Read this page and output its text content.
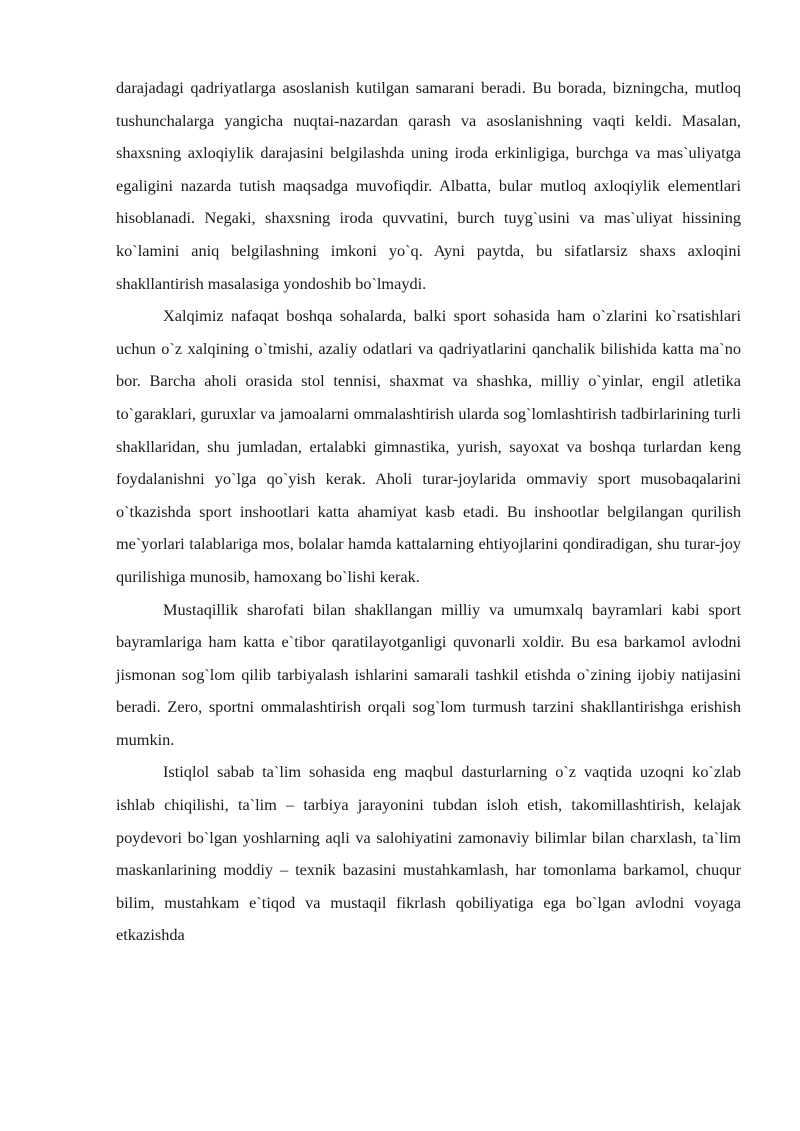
darajadagi qadriyatlarga asoslanish kutilgan samarani beradi. Bu borada, bizningcha, mutloq tushunchalarga yangicha nuqtai-nazardan qarash va asoslanishning vaqti keldi. Masalan, shaxsning axloqiylik darajasini belgilashda uning iroda erkinligiga, burchga va mas`uliyatga egaligini nazarda tutish maqsadga muvofiqdir. Albatta, bular mutloq axloqiylik elementlari hisoblanadi. Negaki, shaxsning iroda quvvatini, burch tuyg`usini va mas`uliyat hissining ko`lamini aniq belgilashning imkoni yo`q. Ayni paytda, bu sifatlarsiz shaxs axloqini shakllantirish masalasiga yondoshib bo`lmaydi.

Xalqimiz nafaqat boshqa sohalarda, balki sport sohasida ham o`zlarini ko`rsatishlari uchun o`z xalqining o`tmishi, azaliy odatlari va qadriyatlarini qanchalik bilishida katta ma`no bor. Barcha aholi orasida stol tennisi, shaxmat va shashka, milliy o`yinlar, engil atletika to`garaklari, guruxlar va jamoalarni ommalashtirish ularda sog`lomlashtirish tadbirlarining turli shakllaridan, shu jumladan, ertalabki gimnastika, yurish, sayoxat va boshqa turlardan keng foydalanishni yo`lga qo`yish kerak. Aholi turar-joylarida ommaviy sport musobaqalarini o`tkazishda sport inshootlari katta ahamiyat kasb etadi. Bu inshootlar belgilangan qurilish me`yorlari talablariga mos, bolalar hamda kattalarning ehtiyojlarini qondiradigan, shu turar-joy qurilishiga munosib, hamoxang bo`lishi kerak.

Mustaqillik sharofati bilan shakllangan milliy va umumxalq bayramlari kabi sport bayramlariga ham katta e`tibor qaratilayotganligi quvonarli xoldir. Bu esa barkamol avlodni jismonan sog`lom qilib tarbiyalash ishlarini samarali tashkil etishda o`zining ijobiy natijasini beradi. Zero, sportni ommalashtirish orqali sog`lom turmush tarzini shakllantirishga erishish mumkin.

Istiqlol sabab ta`lim sohasida eng maqbul dasturlarning o`z vaqtida uzoqni ko`zlab ishlab chiqilishi, ta`lim – tarbiya jarayonini tubdan isloh etish, takomillashtirish, kelajak poydevori bo`lgan yoshlarning aqli va salohiyatini zamonaviy bilimlar bilan charxlash, ta`lim maskanlarining moddiy – texnik bazasini mustahkamlash, har tomonlama barkamol, chuqur bilim, mustahkam e`tiqod va mustaqil fikrlash qobiliyatiga ega bo`lgan avlodni voyaga etkazishda
